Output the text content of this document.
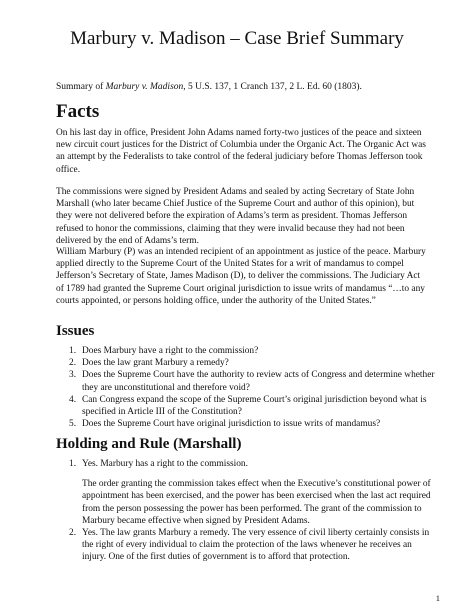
Marbury v. Madison – Case Brief Summary

Summary of Marbury v. Madison, 5 U.S. 137, 1 Cranch 137, 2 L. Ed. 60 (1803).

Facts

On his last day in office, President John Adams named forty-two justices of the peace and sixteen new circuit court justices for the District of Columbia under the Organic Act. The Organic Act was an attempt by the Federalists to take control of the federal judiciary before Thomas Jefferson took office.

The commissions were signed by President Adams and sealed by acting Secretary of State John Marshall (who later became Chief Justice of the Supreme Court and author of this opinion), but they were not delivered before the expiration of Adams’s term as president. Thomas Jefferson refused to honor the commissions, claiming that they were invalid because they had not been delivered by the end of Adams’s term.

William Marbury (P) was an intended recipient of an appointment as justice of the peace. Marbury applied directly to the Supreme Court of the United States for a writ of mandamus to compel Jefferson’s Secretary of State, James Madison (D), to deliver the commissions. The Judiciary Act of 1789 had granted the Supreme Court original jurisdiction to issue writs of mandamus “…to any courts appointed, or persons holding office, under the authority of the United States.”

Issues
1. Does Marbury have a right to the commission?
2. Does the law grant Marbury a remedy?
3. Does the Supreme Court have the authority to review acts of Congress and determine whether they are unconstitutional and therefore void?
4. Can Congress expand the scope of the Supreme Court’s original jurisdiction beyond what is specified in Article III of the Constitution?
5. Does the Supreme Court have original jurisdiction to issue writs of mandamus?
Holding and Rule (Marshall)
1. Yes. Marbury has a right to the commission.

The order granting the commission takes effect when the Executive’s constitutional power of appointment has been exercised, and the power has been exercised when the last act required from the person possessing the power has been performed. The grant of the commission to Marbury became effective when signed by President Adams.

2. Yes. The law grants Marbury a remedy. The very essence of civil liberty certainly consists in the right of every individual to claim the protection of the laws whenever he receives an injury. One of the first duties of government is to afford that protection.

1
